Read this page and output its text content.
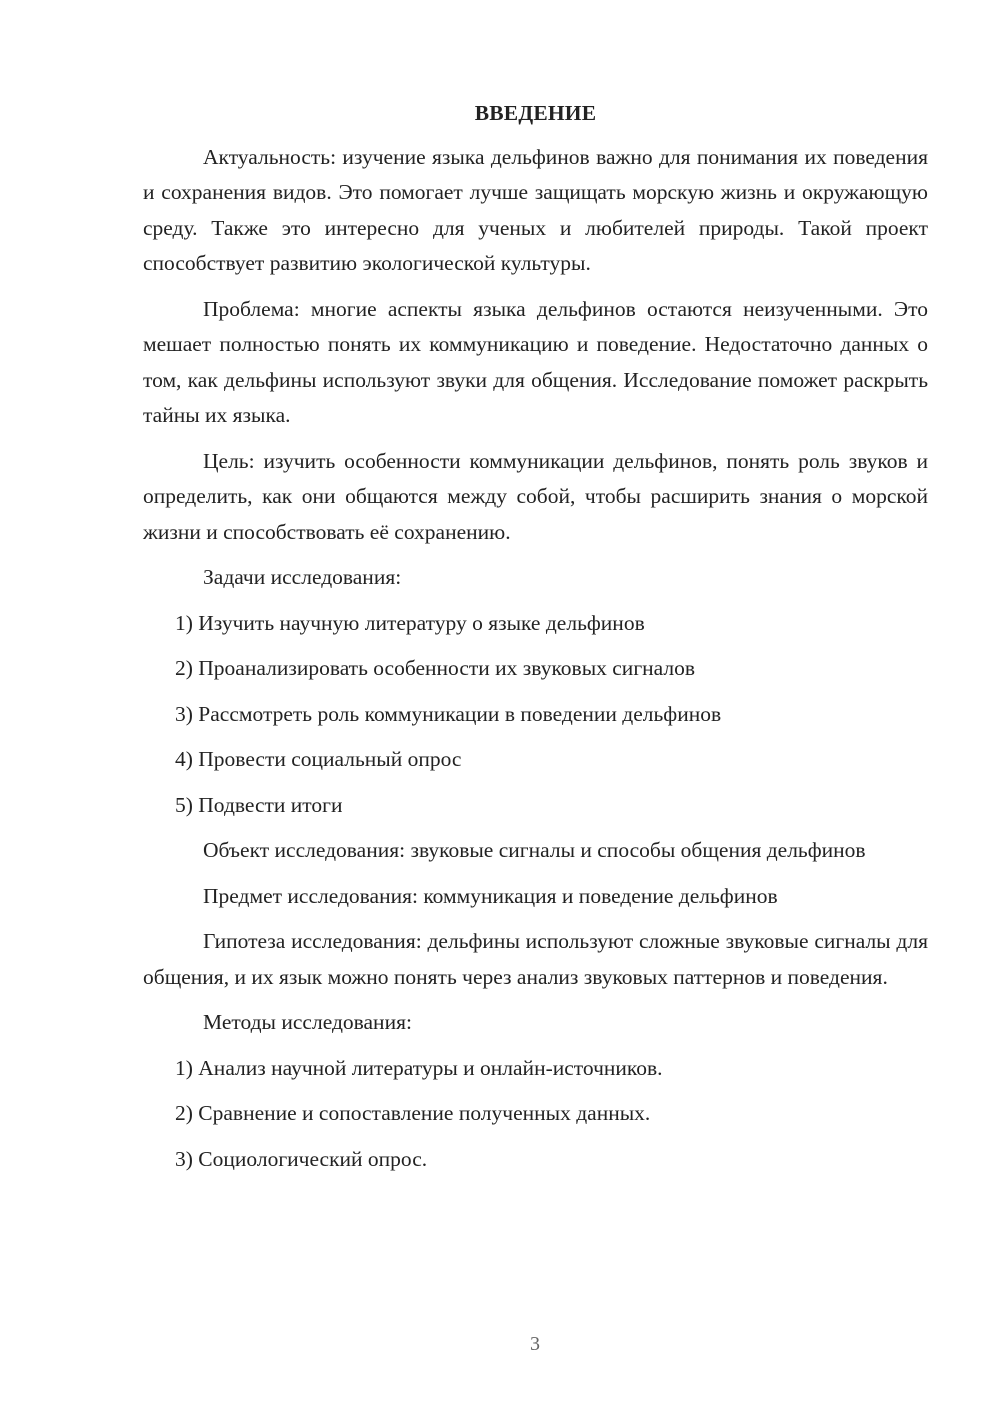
ВВЕДЕНИЕ

Актуальность: изучение языка дельфинов важно для понимания их поведения и сохранения видов. Это помогает лучше защищать морскую жизнь и окружающую среду. Также это интересно для ученых и любителей природы. Такой проект способствует развитию экологической культуры.

Проблема: многие аспекты языка дельфинов остаются неизученными. Это мешает полностью понять их коммуникацию и поведение. Недостаточно данных о том, как дельфины используют звуки для общения. Исследование поможет раскрыть тайны их языка.

Цель: изучить особенности коммуникации дельфинов, понять роль звуков и определить, как они общаются между собой, чтобы расширить знания о морской жизни и способствовать её сохранению.

Задачи исследования:

1) Изучить научную литературу о языке дельфинов
2) Проанализировать особенности их звуковых сигналов
3) Рассмотреть роль коммуникации в поведении дельфинов
4) Провести социальный опрос
5) Подвести итоги

Объект исследования: звуковые сигналы и способы общения дельфинов

Предмет исследования: коммуникация и поведение дельфинов

Гипотеза исследования: дельфины используют сложные звуковые сигналы для общения, и их язык можно понять через анализ звуковых паттернов и поведения.

Методы исследования:

1) Анализ научной литературы и онлайн-источников.
2) Сравнение и сопоставление полученных данных.
3) Социологический опрос.
3
